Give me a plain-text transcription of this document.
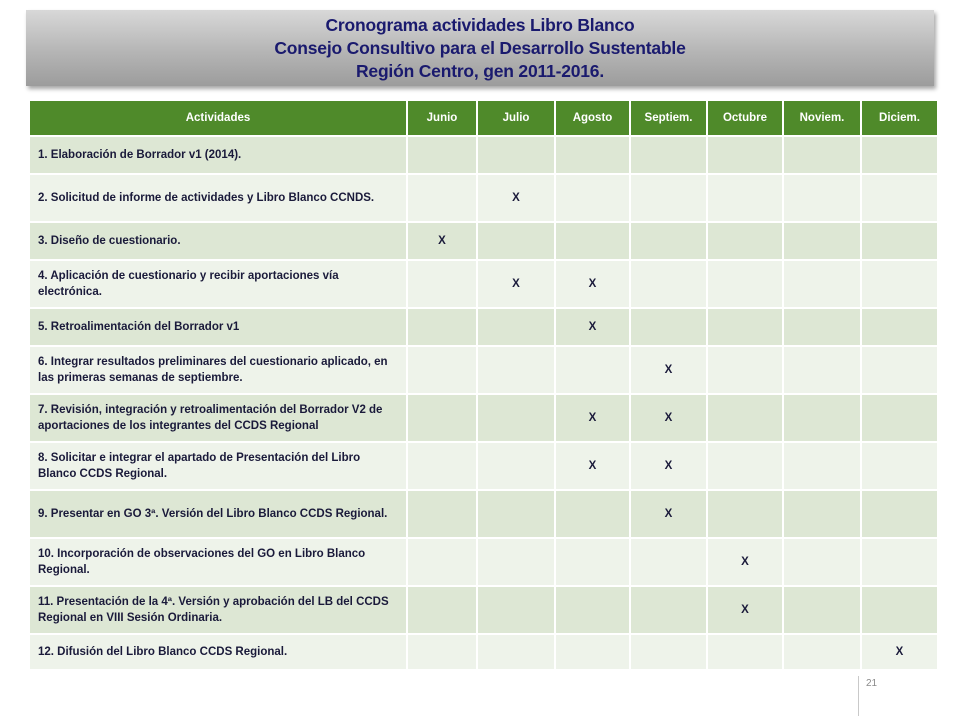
Cronograma actividades Libro Blanco
Consejo Consultivo para el Desarrollo Sustentable
Región Centro, gen 2011-2016.
Actividades	Junio	Julio	Agosto	Septiem.	Octubre	Noviem.	Diciem.
1. Elaboración de Borrador v1 (2014).							
2. Solicitud de informe de actividades y Libro Blanco CCNDS.		X					
3. Diseño de cuestionario.	X						
4. Aplicación de cuestionario y recibir aportaciones vía electrónica.		X	X				
5. Retroalimentación del Borrador v1			X				
6. Integrar resultados preliminares del cuestionario aplicado, en las primeras semanas de septiembre.				X			
7. Revisión, integración y retroalimentación del Borrador V2 de aportaciones de los integrantes del CCDS Regional			X	X			
8. Solicitar e integrar el apartado de Presentación del Libro Blanco CCDS Regional.			X	X			
9. Presentar en GO 3ª. Versión del Libro Blanco CCDS Regional.				X			
10. Incorporación de observaciones del GO en Libro Blanco Regional.					X		
11. Presentación de la 4ª. Versión y aprobación del LB del CCDS Regional en VIII Sesión Ordinaria.					X		
12. Difusión del Libro Blanco CCDS Regional.							X
21
